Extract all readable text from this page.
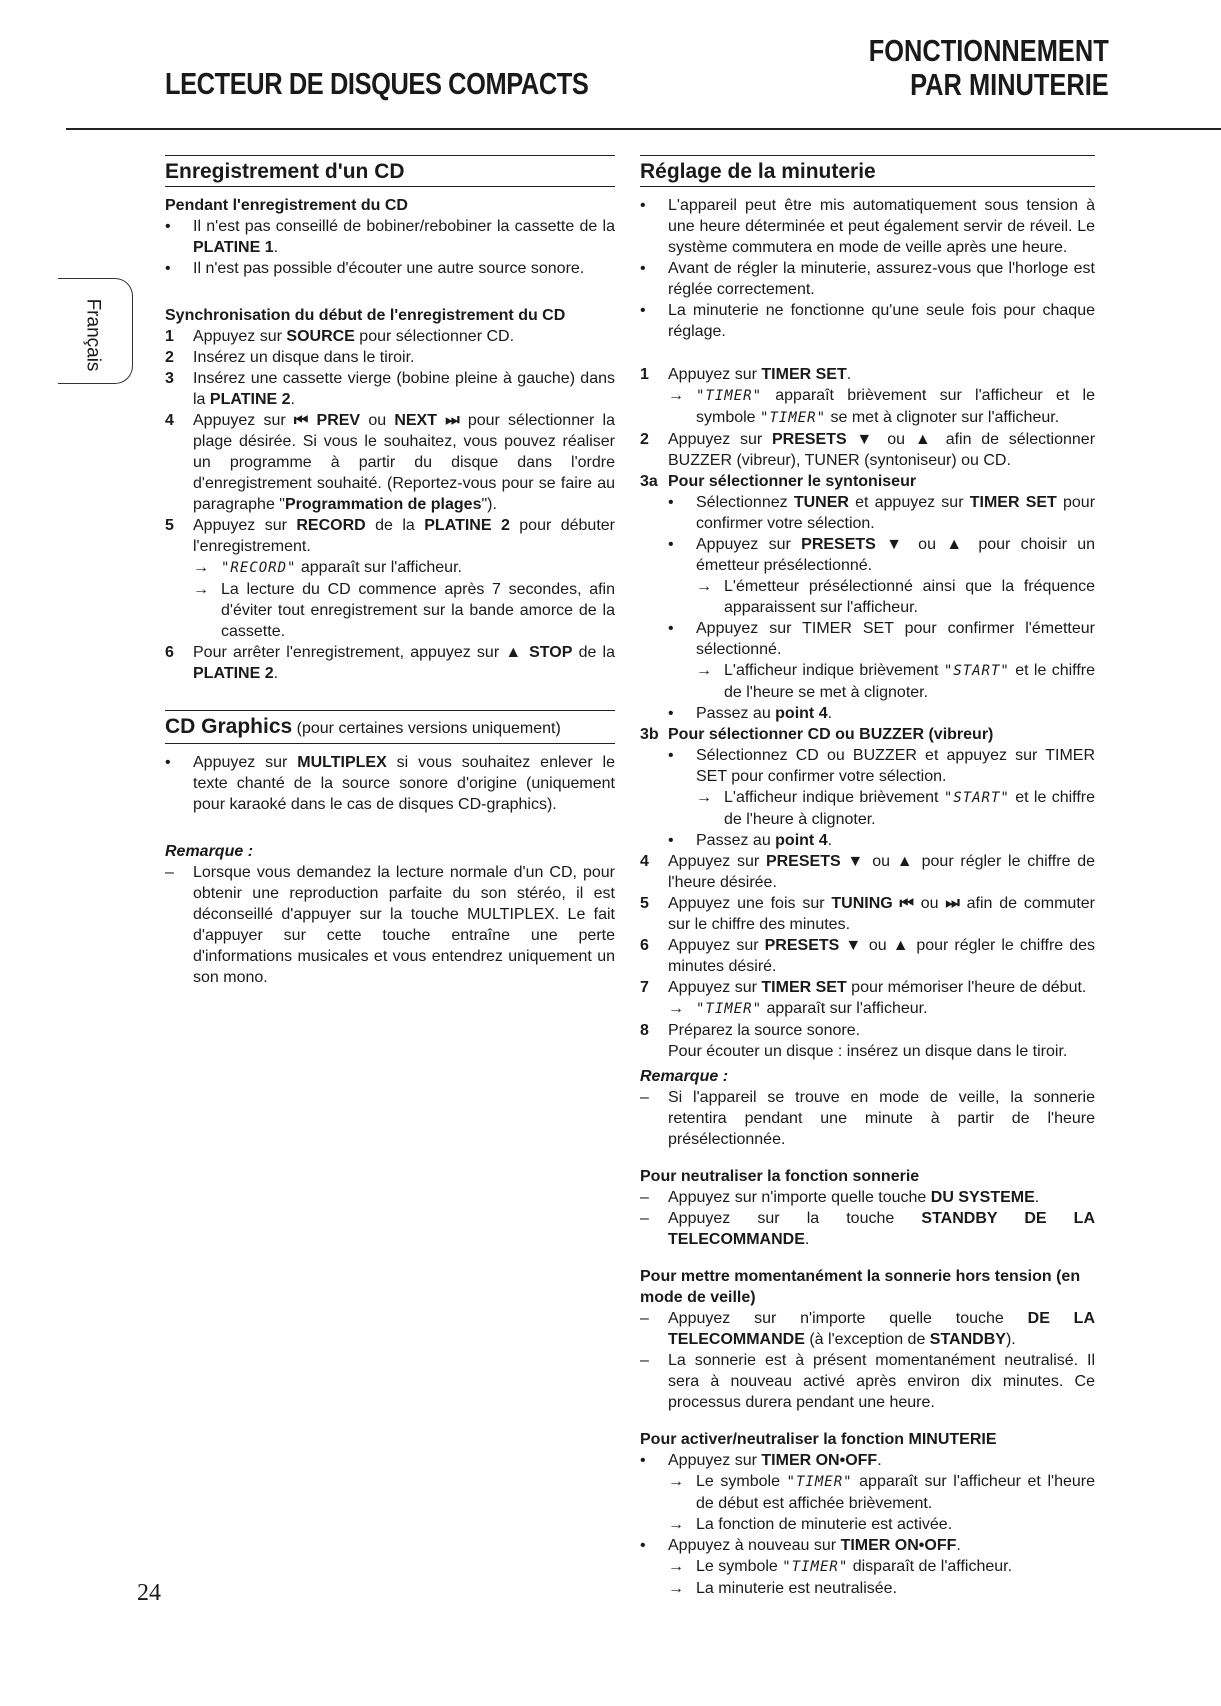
LECTEUR DE DISQUES COMPACTS
FONCTIONNEMENT
PAR MINUTERIE
Français
Enregistrement d'un CD
Pendant l'enregistrement du CD
•	Il n'est pas conseillé de bobiner/rebobiner la cassette de la PLATINE 1.
•	Il n'est pas possible d'écouter une autre source sonore.
Synchronisation du début de l'enregistrement du CD
1	Appuyez sur SOURCE pour sélectionner CD.
2	Insérez un disque dans le tiroir.
3	Insérez une cassette vierge (bobine pleine à gauche) dans la PLATINE 2.
4	Appuyez sur ⏮ PREV ou NEXT ⏭ pour sélectionner la plage désirée. Si vous le souhaitez, vous pouvez réaliser un programme à partir du disque dans l'ordre d'enregistrement souhaité. (Reportez-vous pour se faire au paragraphe "Programmation de plages").
5	Appuyez sur RECORD de la PLATINE 2 pour débuter l'enregistrement.
→ "RECORD" apparaît sur l'afficheur.
→ La lecture du CD commence après 7 secondes, afin d'éviter tout enregistrement sur la bande amorce de la cassette.
6	Pour arrêter l'enregistrement, appuyez sur ▲ STOP de la PLATINE 2.
CD Graphics (pour certaines versions uniquement)
•	Appuyez sur MULTIPLEX si vous souhaitez enlever le texte chanté de la source sonore d'origine (uniquement pour karaoké dans le cas de disques CD-graphics).
Remarque :
–	Lorsque vous demandez la lecture normale d'un CD, pour obtenir une reproduction parfaite du son stéréo, il est déconseillé d'appuyer sur la touche MULTIPLEX. Le fait d'appuyer sur cette touche entraîne une perte d'informations musicales et vous entendrez uniquement un son mono.
Réglage de la minuterie
•	L'appareil peut être mis automatiquement sous tension à une heure déterminée et peut également servir de réveil. Le système commutera en mode de veille après une heure.
•	Avant de régler la minuterie, assurez-vous que l'horloge est réglée correctement.
•	La minuterie ne fonctionne qu'une seule fois pour chaque réglage.
1	Appuyez sur TIMER SET.
→ "TIMER" apparaît brièvement sur l'afficheur et le symbole "TIMER" se met à clignoter sur l'afficheur.
2	Appuyez sur PRESETS ▼ ou ▲ afin de sélectionner BUZZER (vibreur), TUNER (syntoniseur) ou CD.
3a Pour sélectionner le syntoniseur
•	Sélectionnez TUNER et appuyez sur TIMER SET pour confirmer votre sélection.
•	Appuyez sur PRESETS ▼ ou ▲ pour choisir un émetteur présélectionné.
→ L'émetteur présélectionné ainsi que la fréquence apparaissent sur l'afficheur.
•	Appuyez sur TIMER SET pour confirmer l'émetteur sélectionné.
→ L'afficheur indique brièvement "START" et le chiffre de l'heure se met à clignoter.
•	Passez au point 4.
3b Pour sélectionner CD ou BUZZER (vibreur)
•	Sélectionnez CD ou BUZZER et appuyez sur TIMER SET pour confirmer votre sélection.
→ L'afficheur indique brièvement "START" et le chiffre de l'heure à clignoter.
•	Passez au point 4.
4	Appuyez sur PRESETS ▼ ou ▲ pour régler le chiffre de l'heure désirée.
5	Appuyez une fois sur TUNING ⏮ ou ⏭ afin de commuter sur le chiffre des minutes.
6	Appuyez sur PRESETS ▼ ou ▲ pour régler le chiffre des minutes désiré.
7	Appuyez sur TIMER SET pour mémoriser l'heure de début.
→ "TIMER" apparaît sur l'afficheur.
8	Préparez la source sonore.
Pour écouter un disque : insérez un disque dans le tiroir.
Remarque :
–	Si l'appareil se trouve en mode de veille, la sonnerie retentira pendant une minute à partir de l'heure présélectionnée.
Pour neutraliser la fonction sonnerie
–	Appuyez sur n'importe quelle touche DU SYSTEME.
–	Appuyez sur la touche STANDBY DE LA TELECOMMANDE.
Pour mettre momentanément la sonnerie hors tension (en mode de veille)
–	Appuyez sur n'importe quelle touche DE LA TELECOMMANDE (à l'exception de STANDBY).
–	La sonnerie est à présent momentanément neutralisé. Il sera à nouveau activé après environ dix minutes. Ce processus durera pendant une heure.
Pour activer/neutraliser la fonction MINUTERIE
•	Appuyez sur TIMER ON•OFF.
→ Le symbole "TIMER" apparaît sur l'afficheur et l'heure de début est affichée brièvement.
→ La fonction de minuterie est activée.
•	Appuyez à nouveau sur TIMER ON•OFF.
→ Le symbole "TIMER" disparaît de l'afficheur.
→ La minuterie est neutralisée.
24
